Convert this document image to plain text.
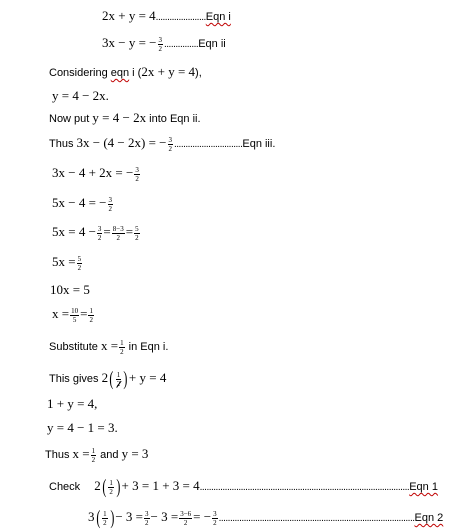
2x + y = 4......................Eqn i
3x − y = − $\frac{3}{2} ...............Eqn$ ii
Considering eqn i (2x + y = 4),
y = 4 − 2x.
Now put y = 4 − 2x into Eqn ii.
Thus 3x − (4 − 2x) = − $\frac{3}{2} ..............................Eqn$ iii.
3x − 4 + 2x = − $\frac{3}{2}$
5x − 4 = − $\frac{3}{2}$
$5x = 4 - \frac{3}{2} = \frac{8-3}{2} = \frac{5}{2}$
$5x = \frac{5}{2}$
10x = 5
$x = \frac{10}{5} = \frac{1}{2}$
Substitute $x = \frac{1}{2}$ in Eqn i.
This gives $2( \frac{1}{2}$ )+ y = 4
1 + y = 4,
y = 4 − 1 = 3.
Thus $x = \frac{1}{2}$ and y = 3
Check $2( \frac{1}{2}$ )+ 3 = 1 + 3 = 4............................................................................................Eqn 1
$3( \frac{1}{2}$ )− $3 = \frac{3}{2} - 3 = \frac{3-6}{2}$ = − $\frac{3}{2} ......................................................................................Eqn$ 2
